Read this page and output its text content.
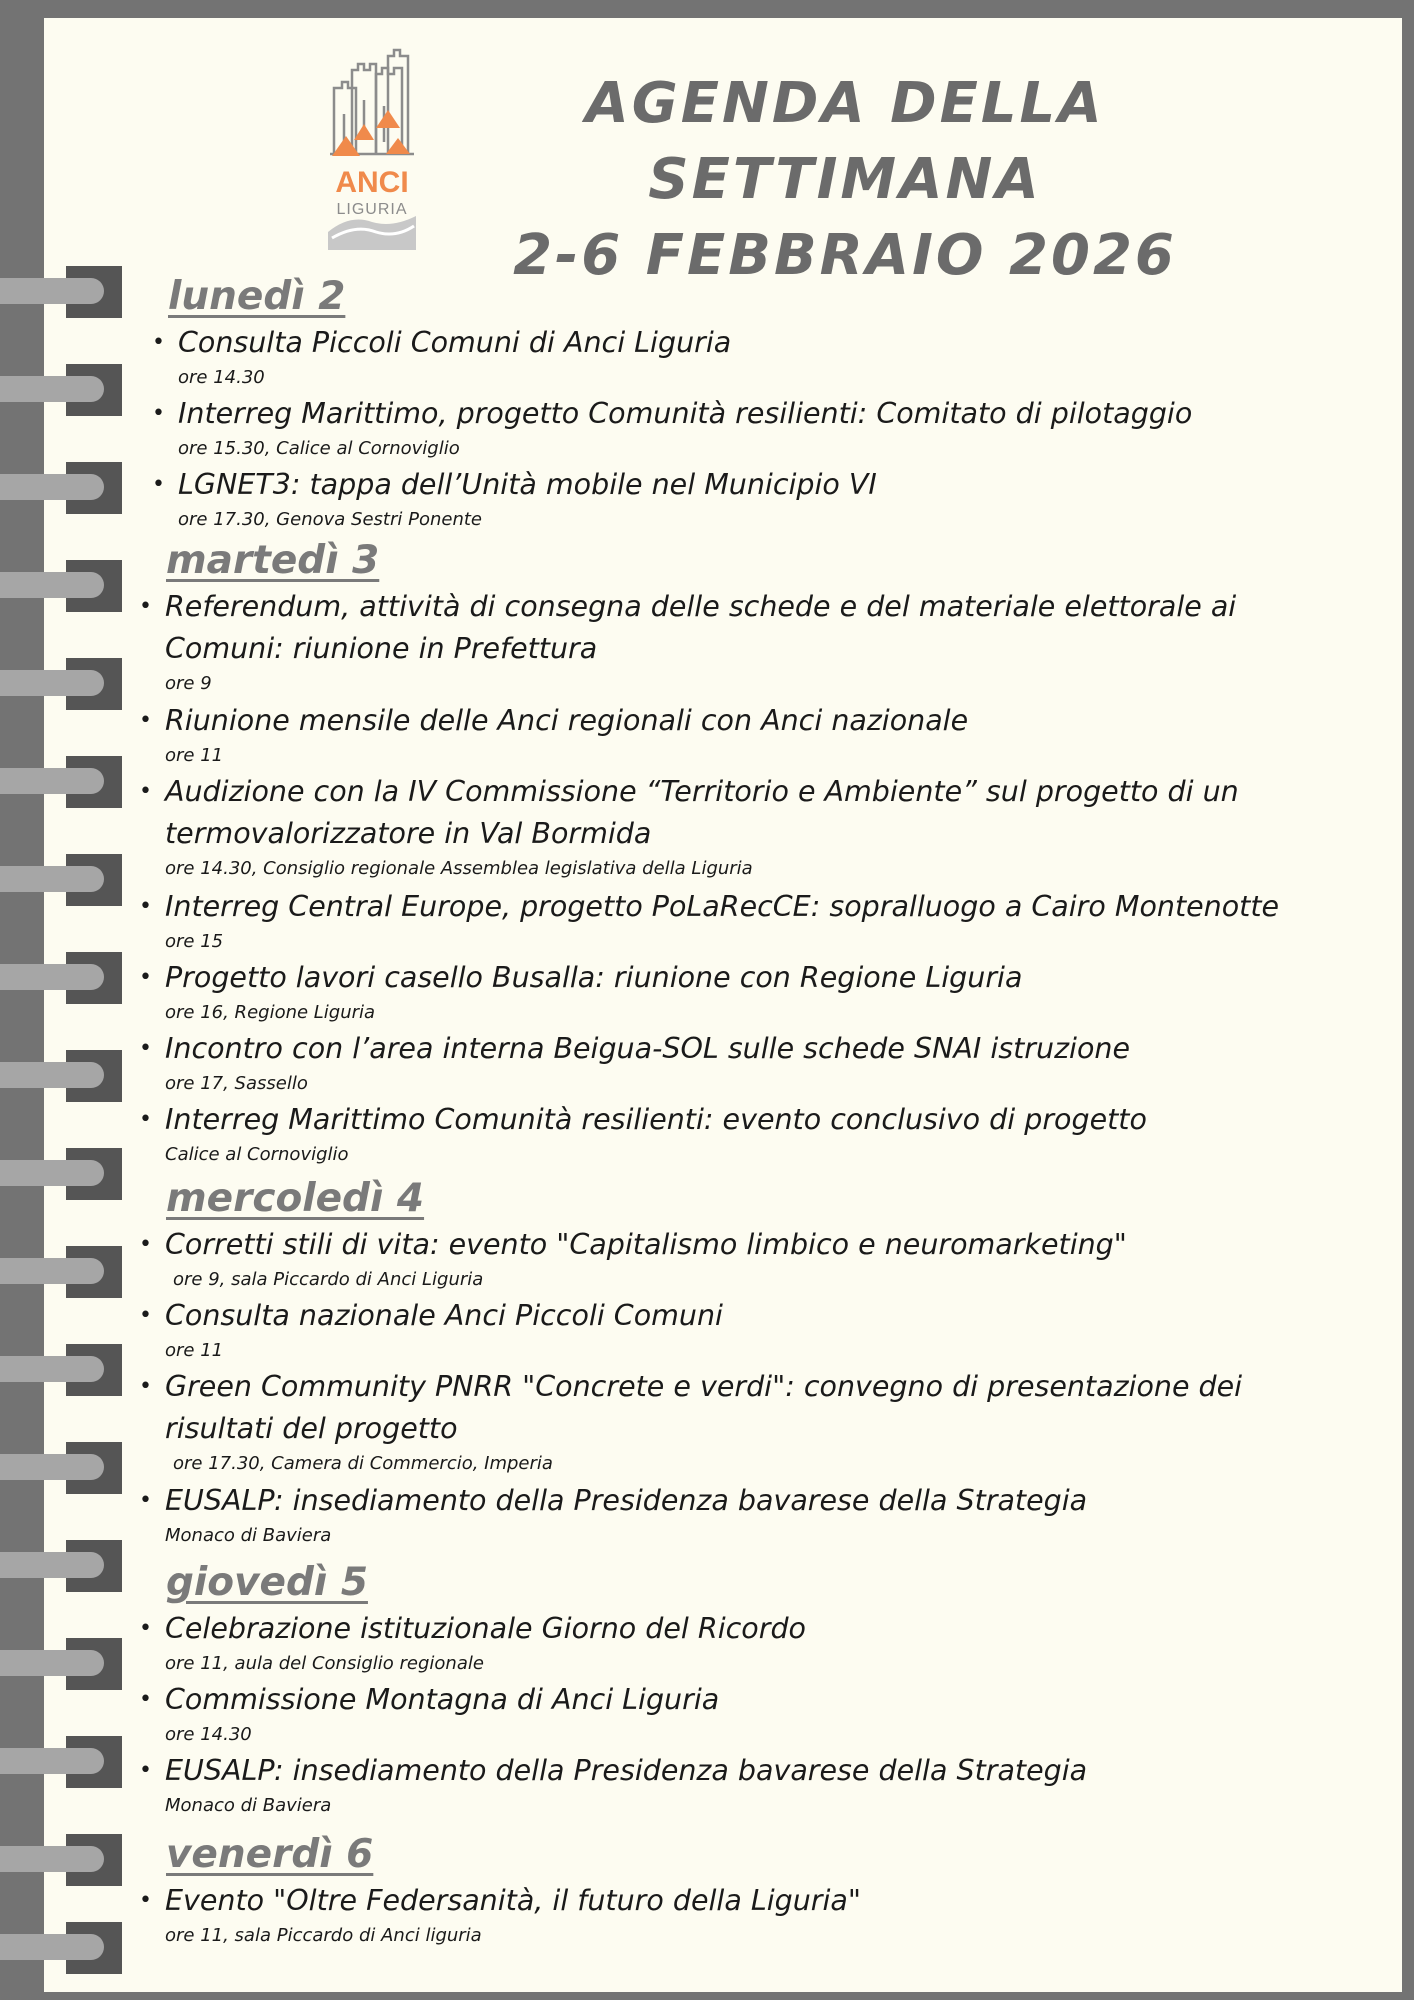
ANCI
LIGURIA
AGENDA DELLA SETTIMANA
2-6 FEBBRAIO 2026
lunedì 2
• Consulta Piccoli Comuni di Anci Liguria
ore 14.30
• Interreg Marittimo, progetto Comunità resilienti: Comitato di pilotaggio
ore 15.30, Calice al Cornoviglio
• LGNET3: tappa dell’Unità mobile nel Municipio VI
ore 17.30, Genova Sestri Ponente
martedì 3
• Referendum, attività di consegna delle schede e del materiale elettorale ai Comuni: riunione in Prefettura
ore 9
• Riunione mensile delle Anci regionali con Anci nazionale
ore 11
• Audizione con la IV Commissione “Territorio e Ambiente” sul progetto di un termovalorizzatore in Val Bormida
ore 14.30, Consiglio regionale Assemblea legislativa della Liguria
• Interreg Central Europe, progetto PoLaRecCE: sopralluogo a Cairo Montenotte
ore 15
• Progetto lavori casello Busalla: riunione con Regione Liguria
ore 16, Regione Liguria
• Incontro con l’area interna Beigua-SOL sulle schede SNAI istruzione
ore 17, Sassello
• Interreg Marittimo Comunità resilienti: evento conclusivo di progetto
Calice al Cornoviglio
mercoledì 4
• Corretti stili di vita: evento "Capitalismo limbico e neuromarketing"
ore 9, sala Piccardo di Anci Liguria
• Consulta nazionale Anci Piccoli Comuni
ore 11
• Green Community PNRR "Concrete e verdi": convegno di presentazione dei risultati del progetto
ore 17.30, Camera di Commercio, Imperia
• EUSALP: insediamento della Presidenza bavarese della Strategia
Monaco di Baviera
giovedì 5
• Celebrazione istituzionale Giorno del Ricordo
ore 11, aula del Consiglio regionale
• Commissione Montagna di Anci Liguria
ore 14.30
• EUSALP: insediamento della Presidenza bavarese della Strategia
Monaco di Baviera
venerdì 6
• Evento "Oltre Federsanità, il futuro della Liguria"
ore 11, sala Piccardo di Anci liguria
